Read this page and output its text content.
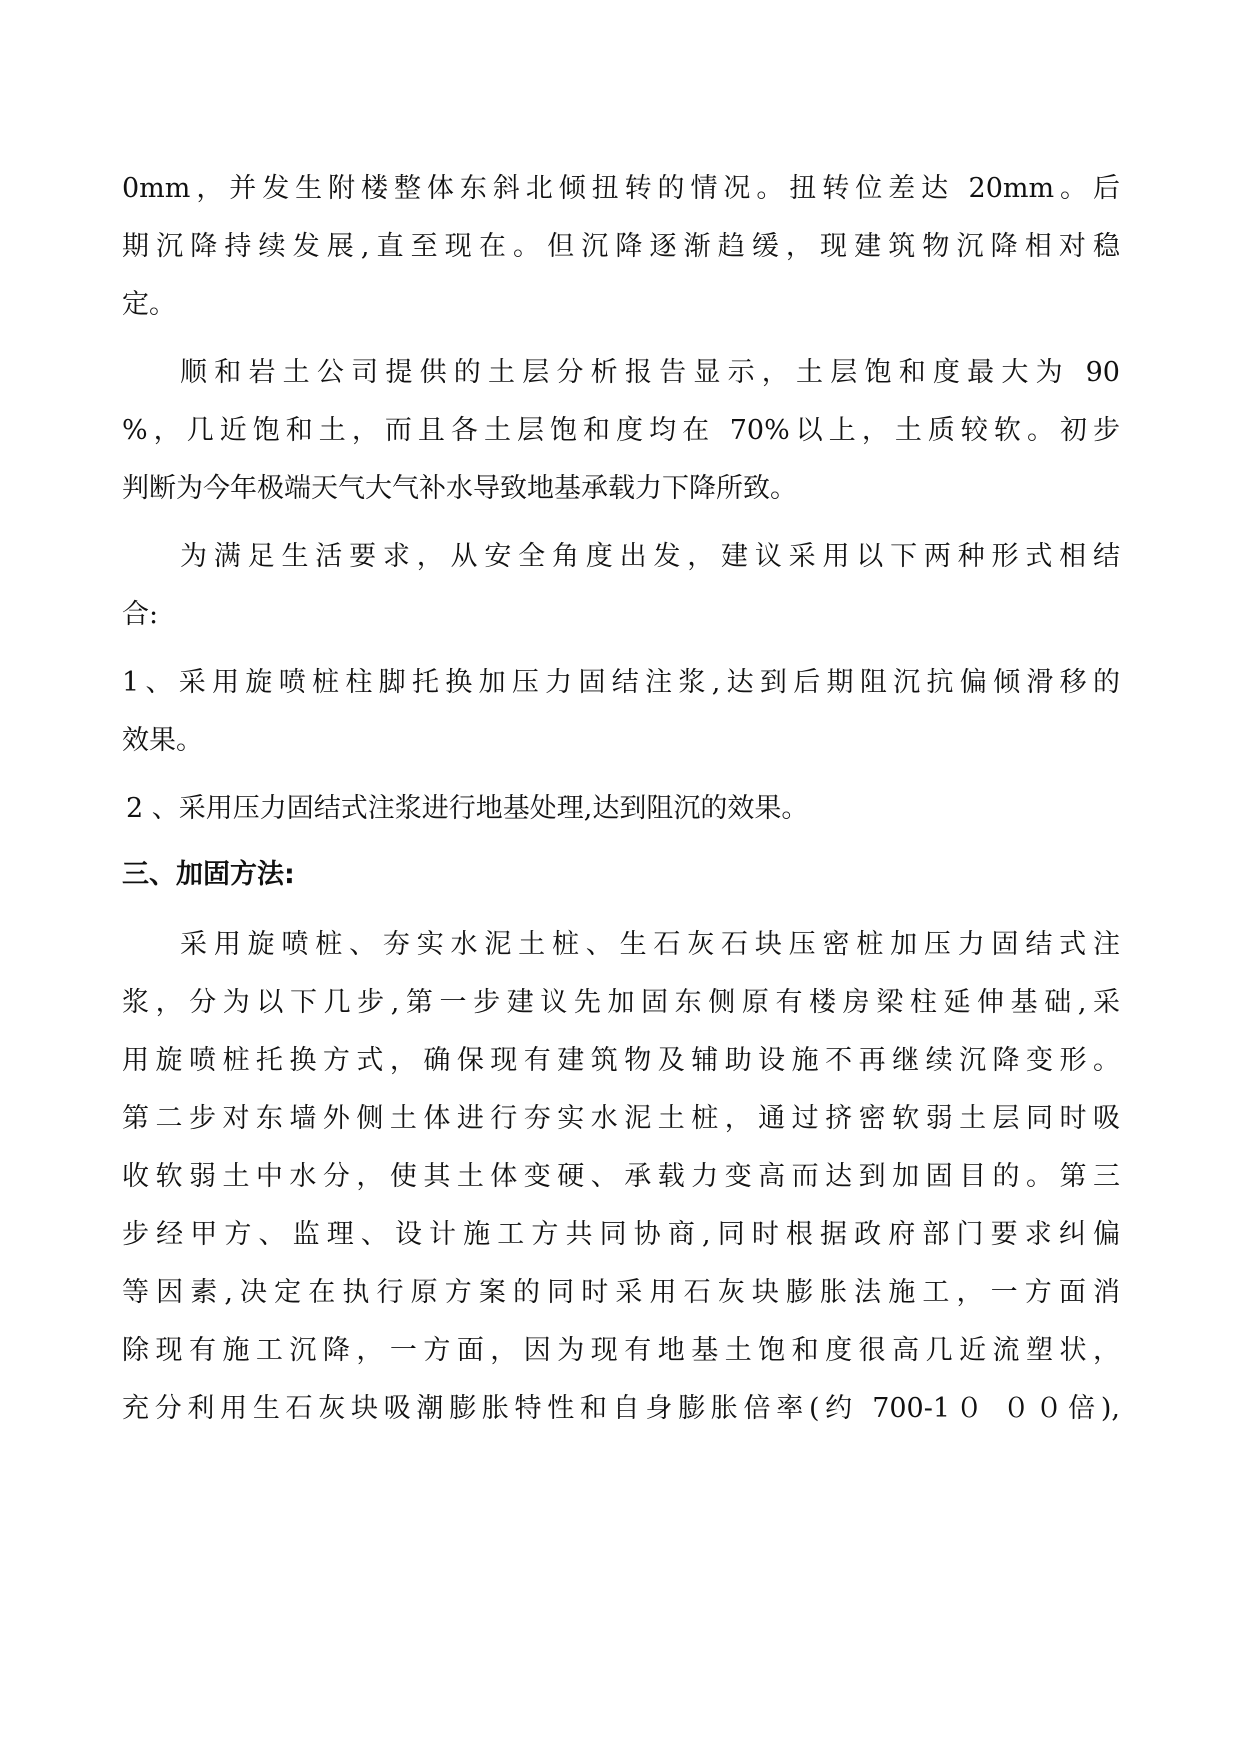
0mm，并发生附楼整体东斜北倾扭转的情况。扭转位差达 20mm。后
期沉降持续发展,直至现在。但沉降逐渐趋缓，现建筑物沉降相对稳
定。
顺和岩土公司提供的土层分析报告显示，土层饱和度最大为 90
%，几近饱和土，而且各土层饱和度均在 70%以上，土质较软。初步
判断为今年极端天气大气补水导致地基承载力下降所致。
为满足生活要求，从安全角度出发，建议采用以下两种形式相结
合:
1、采用旋喷桩柱脚托换加压力固结注浆,达到后期阻沉抗偏倾滑移的
效果。
2 、采用压力固结式注浆进行地基处理,达到阻沉的效果。
三、加固方法:
采用旋喷桩、夯实水泥土桩、生石灰石块压密桩加压力固结式注
浆，分为以下几步,第一步建议先加固东侧原有楼房梁柱延伸基础,采
用旋喷桩托换方式，确保现有建筑物及辅助设施不再继续沉降变形。
第二步对东墙外侧土体进行夯实水泥土桩，通过挤密软弱土层同时吸
收软弱土中水分，使其土体变硬、承载力变高而达到加固目的。第三
步经甲方、监理、设计施工方共同协商,同时根据政府部门要求纠偏
等因素,决定在执行原方案的同时采用石灰块膨胀法施工，一方面消
除现有施工沉降，一方面，因为现有地基土饱和度很高几近流塑状，
充分利用生石灰块吸潮膨胀特性和自身膨胀倍率(约 700-1０ ００倍),
